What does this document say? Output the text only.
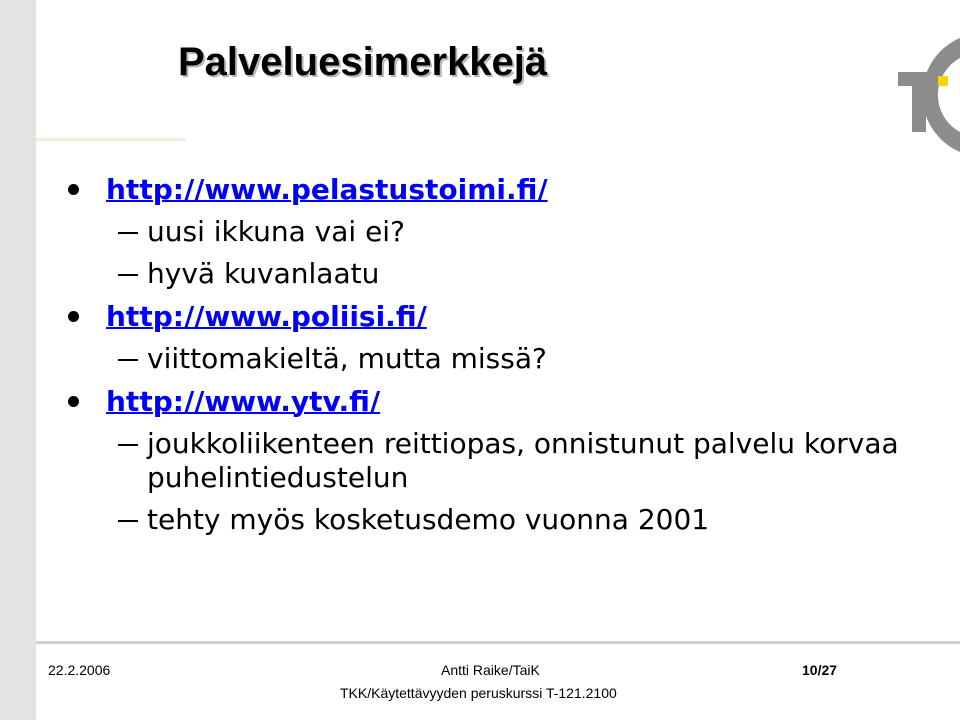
Palveluesimerkkejä
http://www.pelastustoimi.fi/
uusi ikkuna vai ei?
hyvä kuvanlaatu
http://www.poliisi.fi/
viittomakieltä, mutta missä?
http://www.ytv.fi/
joukkoliikenteen reittiopas, onnistunut palvelu korvaa puhelintiedustelun
tehty myös kosketusdemo vuonna 2001
22.2.2006	Antti Raike/TaiK
TKK/Käytettävyyden peruskurssi T-121.2100
10/27
